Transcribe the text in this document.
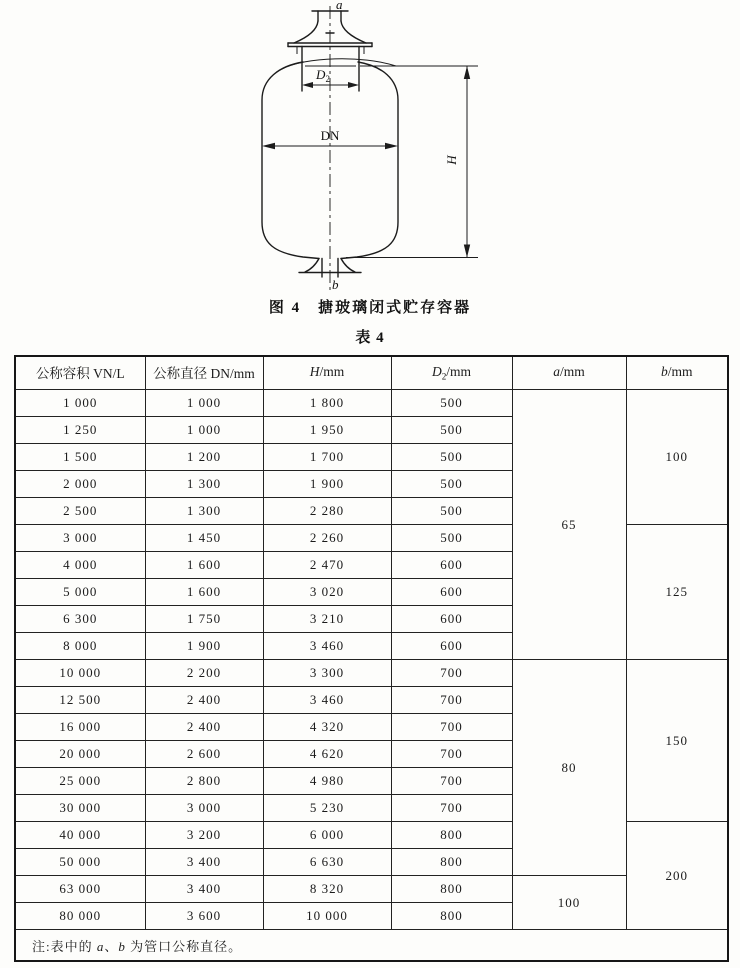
a
b
$D_2$
DN
H
图 4　搪玻璃闭式贮存容器
表 4
公称容积 VN/L	公称直径 DN/mm	H/mm	$D_2/mm$	a/mm	b/mm
1 000	1 000	1 800	500	65	100
1 250	1 000	1 950	500		
1 500	1 200	1 700	500		
2 000	1 300	1 900	500		
2 500	1 300	2 280	500		
3 000	1 450	2 260	500		125
4 000	1 600	2 470	600		
5 000	1 600	3 020	600		
6 300	1 750	3 210	600		
8 000	1 900	3 460	600		
10 000	2 200	3 300	700	80	150
12 500	2 400	3 460	700		
16 000	2 400	4 320	700		
20 000	2 600	4 620	700		
25 000	2 800	4 980	700		
30 000	3 000	5 230	700		
40 000	3 200	6 000	800		200
50 000	3 400	6 630	800		
63 000	3 400	8 320	800	100	
80 000	3 600	10 000	800		
注:表中的 a、b 为管口公称直径。					
